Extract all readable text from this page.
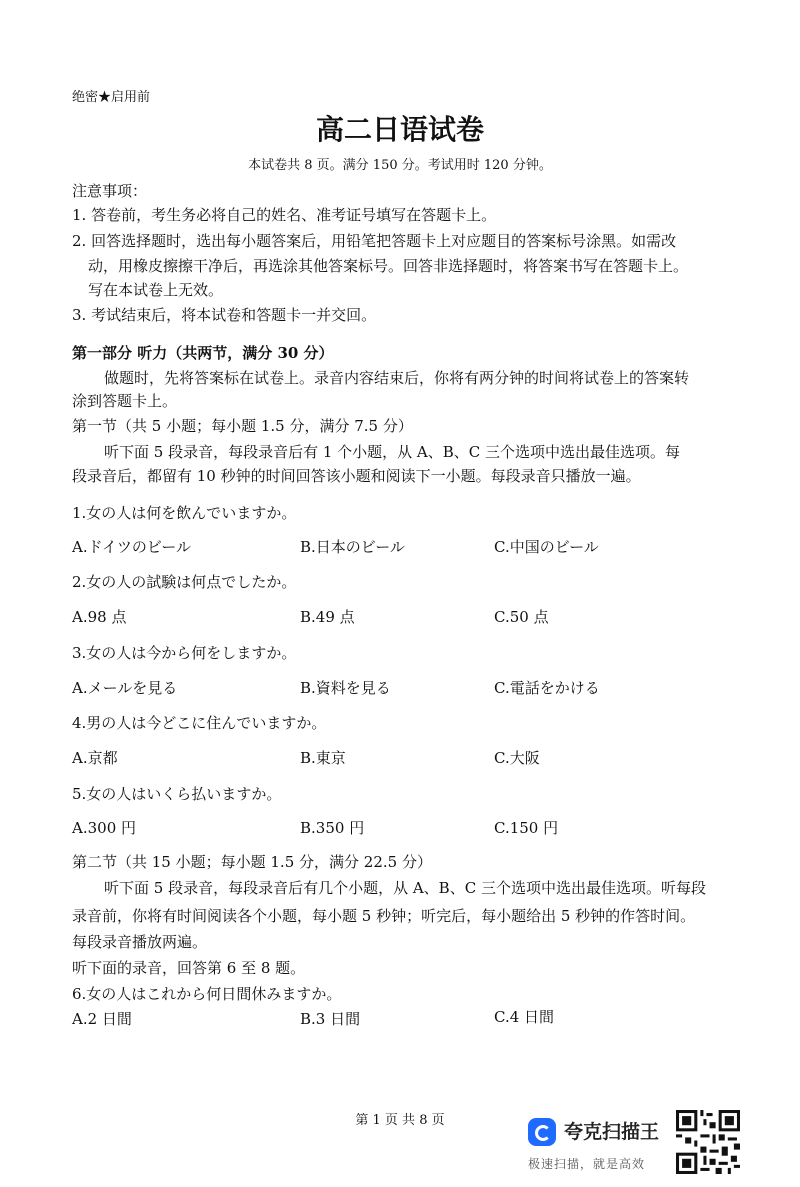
绝密★启用前
高二日语试卷
本试卷共 8 页。满分 150 分。考试用时 120 分钟。
注意事项：
1. 答卷前，考生务必将自己的姓名、准考证号填写在答题卡上。
2. 回答选择题时，选出每小题答案后，用铅笔把答题卡上对应题目的答案标号涂黑。如需改
动，用橡皮擦擦干净后，再选涂其他答案标号。回答非选择题时，将答案书写在答题卡上。
写在本试卷上无效。
3. 考试结束后，将本试卷和答题卡一并交回。
第一部分 听力（共两节，满分 30 分）
做题时，先将答案标在试卷上。录音内容结束后，你将有两分钟的时间将试卷上的答案转
涂到答题卡上。
第一节（共 5 小题；每小题 1.5 分，满分 7.5 分）
听下面 5 段录音，每段录音后有 1 个小题，从 A、B、C 三个选项中选出最佳选项。每
段录音后，都留有 10 秒钟的时间回答该小题和阅读下一小题。每段录音只播放一遍。
1.女の人は何を飲んでいますか。
A.ドイツのビール	B.日本のビール	C.中国のビール
2.女の人の試験は何点でしたか。
A.98 点	B.49 点	C.50 点
3.女の人は今から何をしますか。
A.メールを見る	B.資料を見る	C.電話をかける
4.男の人は今どこに住んでいますか。
A.京都	B.東京	C.大阪
5.女の人はいくら払いますか。
A.300 円	B.350 円	C.150 円
第二节（共 15 小题；每小题 1.5 分，满分 22.5 分）
听下面 5 段录音，每段录音后有几个小题，从 A、B、C 三个选项中选出最佳选项。听每段
录音前，你将有时间阅读各个小题，每小题 5 秒钟；听完后，每小题给出 5 秒钟的作答时间。
每段录音播放两遍。
听下面的录音，回答第 6 至 8 题。
6.女の人はこれから何日間休みますか。
A.2 日間	B.3 日間	C.4 日間
第 1 页 共 8 页
夸克扫描王
极速扫描，就是高效
